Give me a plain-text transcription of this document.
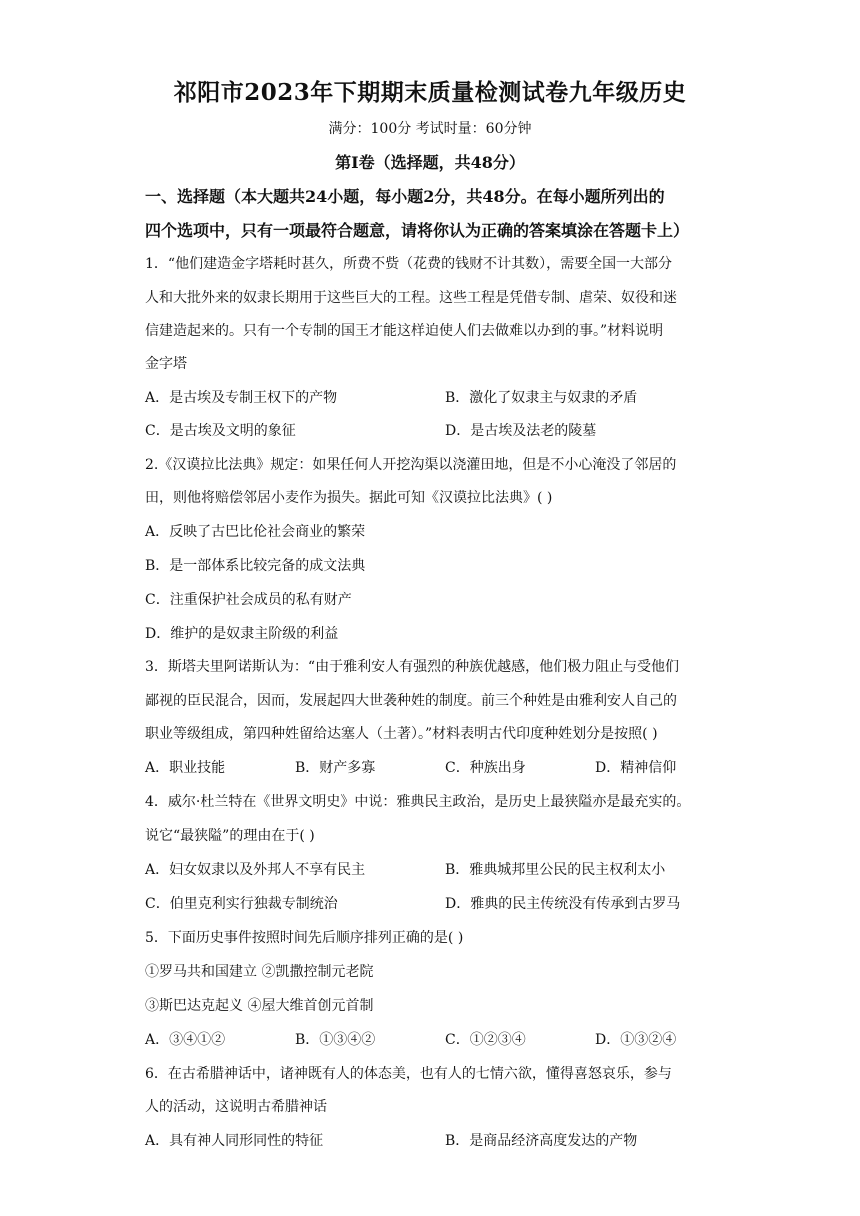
祁阳市2023年下期期末质量检测试卷九年级历史
满分：100分 考试时量：60分钟
第Ⅰ卷（选择题，共48分）
一、选择题（本大题共24小题，每小题2分，共48分。在每小题所列出的
四个选项中，只有一项最符合题意，请将你认为正确的答案填涂在答题卡上）
1．“他们建造金字塔耗时甚久，所费不赀（花费的钱财不计其数），需要全国一大部分
人和大批外来的奴隶长期用于这些巨大的工程。这些工程是凭借专制、虐荣、奴役和迷
信建造起来的。只有一个专制的国王才能这样迫使人们去做难以办到的事。”材料说明
金字塔
A．是古埃及专制王权下的产物	B．激化了奴隶主与奴隶的矛盾
C．是古埃及文明的象征	D．是古埃及法老的陵墓
2.《汉谟拉比法典》规定：如果任何人开挖沟渠以浇灌田地，但是不小心淹没了邻居的
田，则他将赔偿邻居小麦作为损失。据此可知《汉谟拉比法典》( )
A．反映了古巴比伦社会商业的繁荣
B．是一部体系比较完备的成文法典
C．注重保护社会成员的私有财产
D．维护的是奴隶主阶级的利益
3．斯塔夫里阿诺斯认为：“由于雅利安人有强烈的种族优越感，他们极力阻止与受他们
鄙视的臣民混合，因而，发展起四大世袭种姓的制度。前三个种姓是由雅利安人自己的
职业等级组成，第四种姓留给达塞人（土著）。”材料表明古代印度种姓划分是按照( )
A．职业技能	B．财产多寡	C．种族出身	D．精神信仰
4．威尔·杜兰特在《世界文明史》中说：雅典民主政治，是历史上最狭隘亦是最充实的。
说它“最狭隘”的理由在于( )
A．妇女奴隶以及外邦人不享有民主	B．雅典城邦里公民的民主权利太小
C．伯里克利实行独裁专制统治	D．雅典的民主传统没有传承到古罗马
5．下面历史事件按照时间先后顺序排列正确的是( )
①罗马共和国建立 ②凯撒控制元老院
③斯巴达克起义 ④屋大维首创元首制
A．③④①②	B．①③④②	C．①②③④	D．①③②④
6．在古希腊神话中，诸神既有人的体态美，也有人的七情六欲，懂得喜怒哀乐，参与
人的活动，这说明古希腊神话
A．具有神人同形同性的特征	B．是商品经济高度发达的产物
